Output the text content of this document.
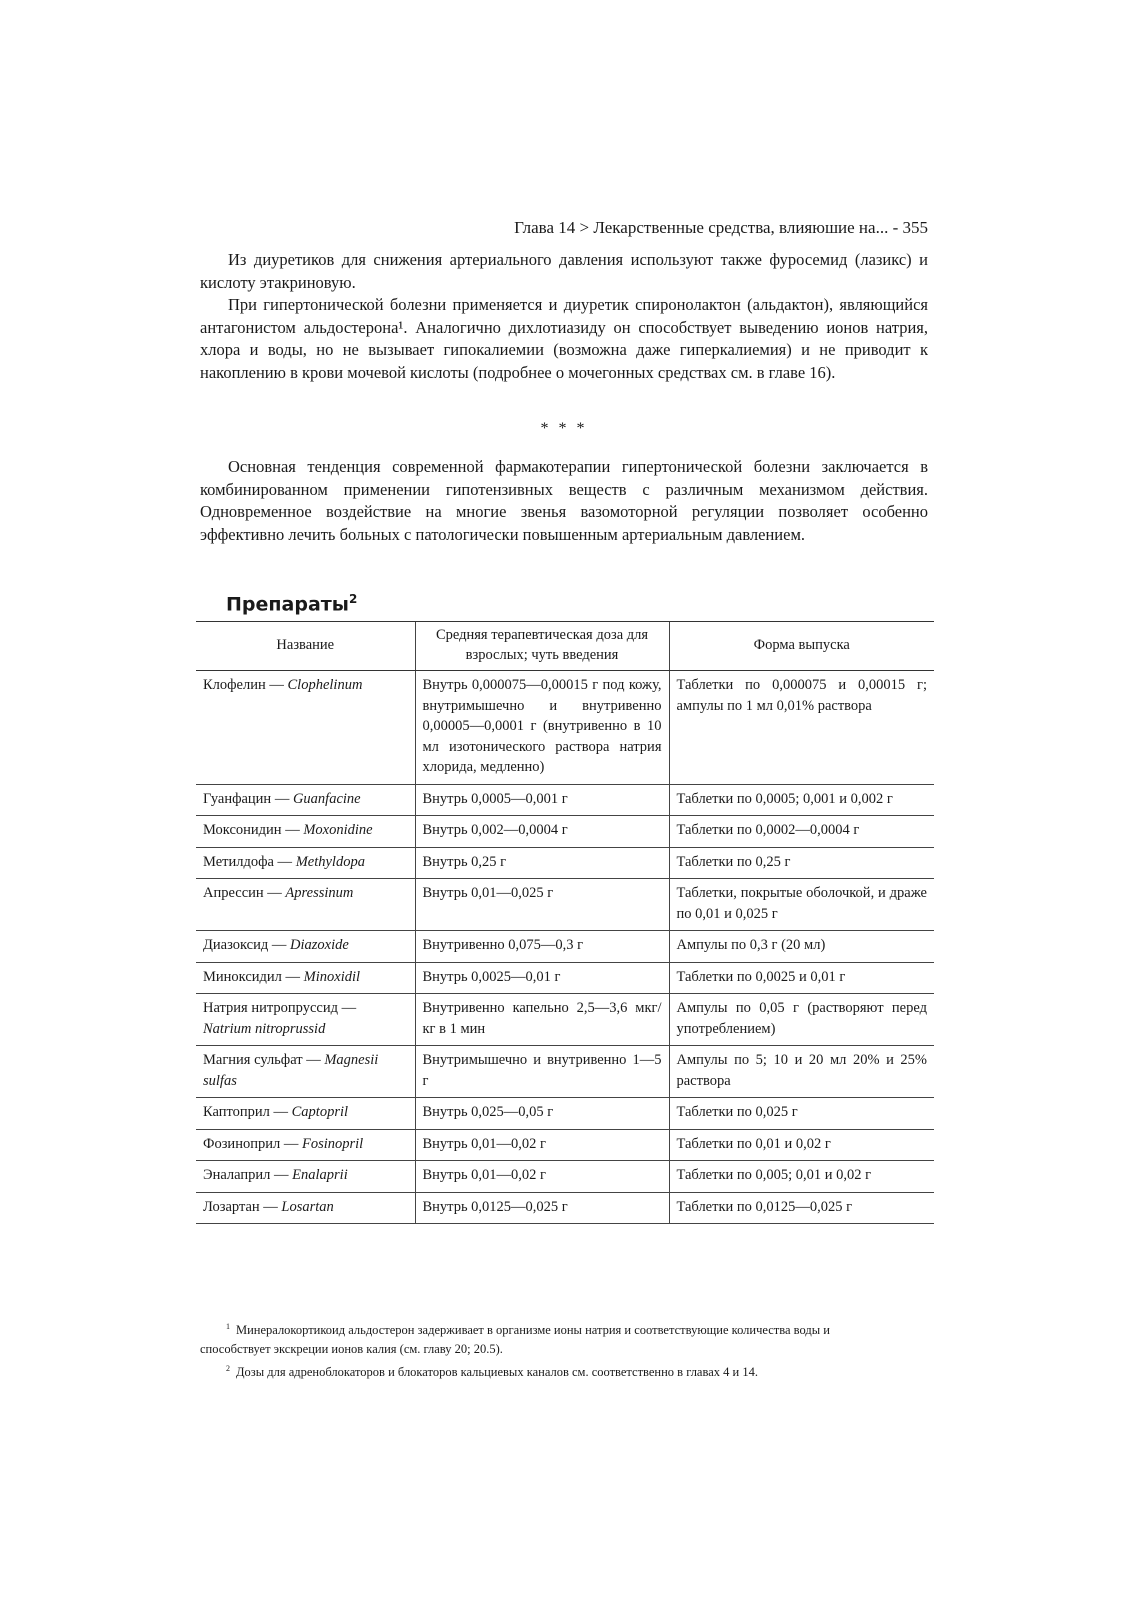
Глава 14 > Лекарственные средства, влияюшие на... - 355

Из диуретиков для снижения артериального давления используют также фуросемид (лазикс) и кислоту этакриновую.

При гипертонической болезни применяется и диуретик спиронолактон (альдактон), являющийся антагонистом альдостерона¹. Аналогично дихлотиазиду он способствует выведению ионов натрия, хлора и воды, но не вызывает гипокалиемии (возможна даже гиперкалиемия) и не приводит к накоплению в крови мочевой кислоты (подробнее о мочегонных средствах см. в главе 16).

* * *

Основная тенденция современной фармакотерапии гипертонической болезни заключается в комбинированном применении гипотензивных веществ с различным механизмом действия. Одновременное воздействие на многие звенья вазомоторной регуляции позволяет особенно эффективно лечить больных с патологически повышенным артериальным давлением.

Препараты$^2$
Название	Средняя терапевтическая доза для взрослых; чуть введения	Форма выпуска
Клофелин — Clophelinum	Внутрь 0,000075—0,00015 г под кожу, внутримышечно и внутривенно 0,00005—0,0001 г (внутривенно в 10 мл изотонического раствора натрия хлорида, медленно)	Таблетки по 0,000075 и 0,00015 г; ампулы по 1 мл 0,01% раствора
Гуанфацин — Guanfacine	Внутрь 0,0005—0,001 г	Таблетки по 0,0005; 0,001 и 0,002 г
Моксонидин — Moxonidine	Внутрь 0,002—0,0004 г	Таблетки по 0,0002—0,0004 г
Метилдофа — Methyldopa	Внутрь 0,25 г	Таблетки по 0,25 г
Апрессин — Apressinum	Внутрь 0,01—0,025 г	Таблетки, покрытые оболочкой, и драже по 0,01 и 0,025 г
Диазоксид — Diazoxide	Внутривенно 0,075—0,3 г	Ампулы по 0,3 г (20 мл)
Миноксидил — Minoxidil	Внутрь 0,0025—0,01 г	Таблетки по 0,0025 и 0,01 г
Натрия нитропруссид — Natrium nitroprussid	Внутривенно капельно 2,5—3,6 мкг/кг в 1 мин	Ампулы по 0,05 г (растворяют перед употреблением)
Магния сульфат — Magnesii sulfas	Внутримышечно и внутривенно 1—5 г	Ампулы по 5; 10 и 20 мл 20% и 25% раствора
Каптоприл — Captopril	Внутрь 0,025—0,05 г	Таблетки по 0,025 г
Фозиноприл — Fosinopril	Внутрь 0,01—0,02 г	Таблетки по 0,01 и 0,02 г
Эналаприл — Enalaprii	Внутрь 0,01—0,02 г	Таблетки по 0,005; 0,01 и 0,02 г
Лозартан — Losartan	Внутрь 0,0125—0,025 г	Таблетки по 0,0125—0,025 г

$^1$ Минералокортикоид альдостерон задерживает в организме ионы натрия и соответствующие количества воды и способствует экскреции ионов калия (см. главу 20; 20.5).

$^2$ Дозы для адреноблокаторов и блокаторов кальциевых каналов см. соответственно в главах 4 и 14.
